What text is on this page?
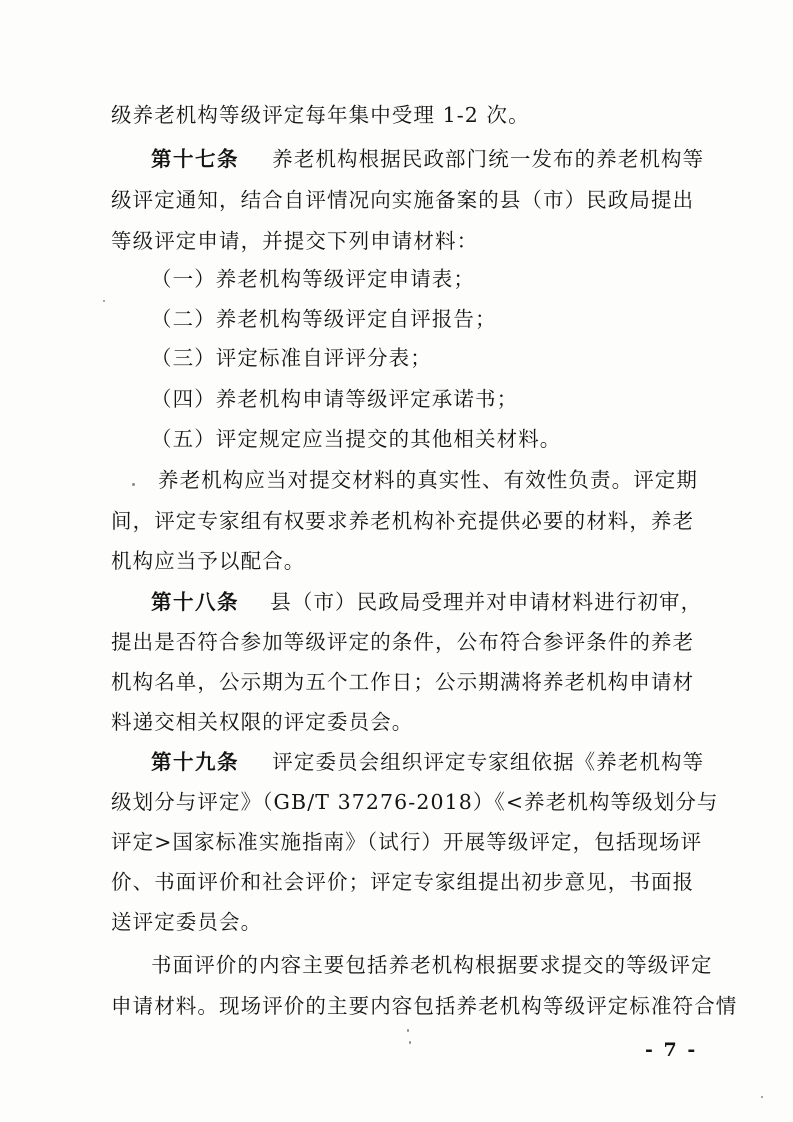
级养老机构等级评定每年集中受理 1-2 次。
第十七条 养老机构根据民政部门统一发布的养老机构等
级评定通知，结合自评情况向实施备案的县（市）民政局提出
等级评定申请，并提交下列申请材料：
（一）养老机构等级评定申请表；
（二）养老机构等级评定自评报告；
（三）评定标准自评评分表；
（四）养老机构申请等级评定承诺书；
（五）评定规定应当提交的其他相关材料。
养老机构应当对提交材料的真实性、有效性负责。评定期
间，评定专家组有权要求养老机构补充提供必要的材料，养老
机构应当予以配合。
第十八条 县（市）民政局受理并对申请材料进行初审，
提出是否符合参加等级评定的条件，公布符合参评条件的养老
机构名单，公示期为五个工作日；公示期满将养老机构申请材
料递交相关权限的评定委员会。
第十九条 评定委员会组织评定专家组依据《养老机构等
级划分与评定》（GB/T 37276-2018）《<养老机构等级划分与
评定>国家标准实施指南》（试行）开展等级评定，包括现场评
价、书面评价和社会评价；评定专家组提出初步意见，书面报
送评定委员会。
书面评价的内容主要包括养老机构根据要求提交的等级评定
申请材料。现场评价的主要内容包括养老机构等级评定标准符合情
- 7 -
